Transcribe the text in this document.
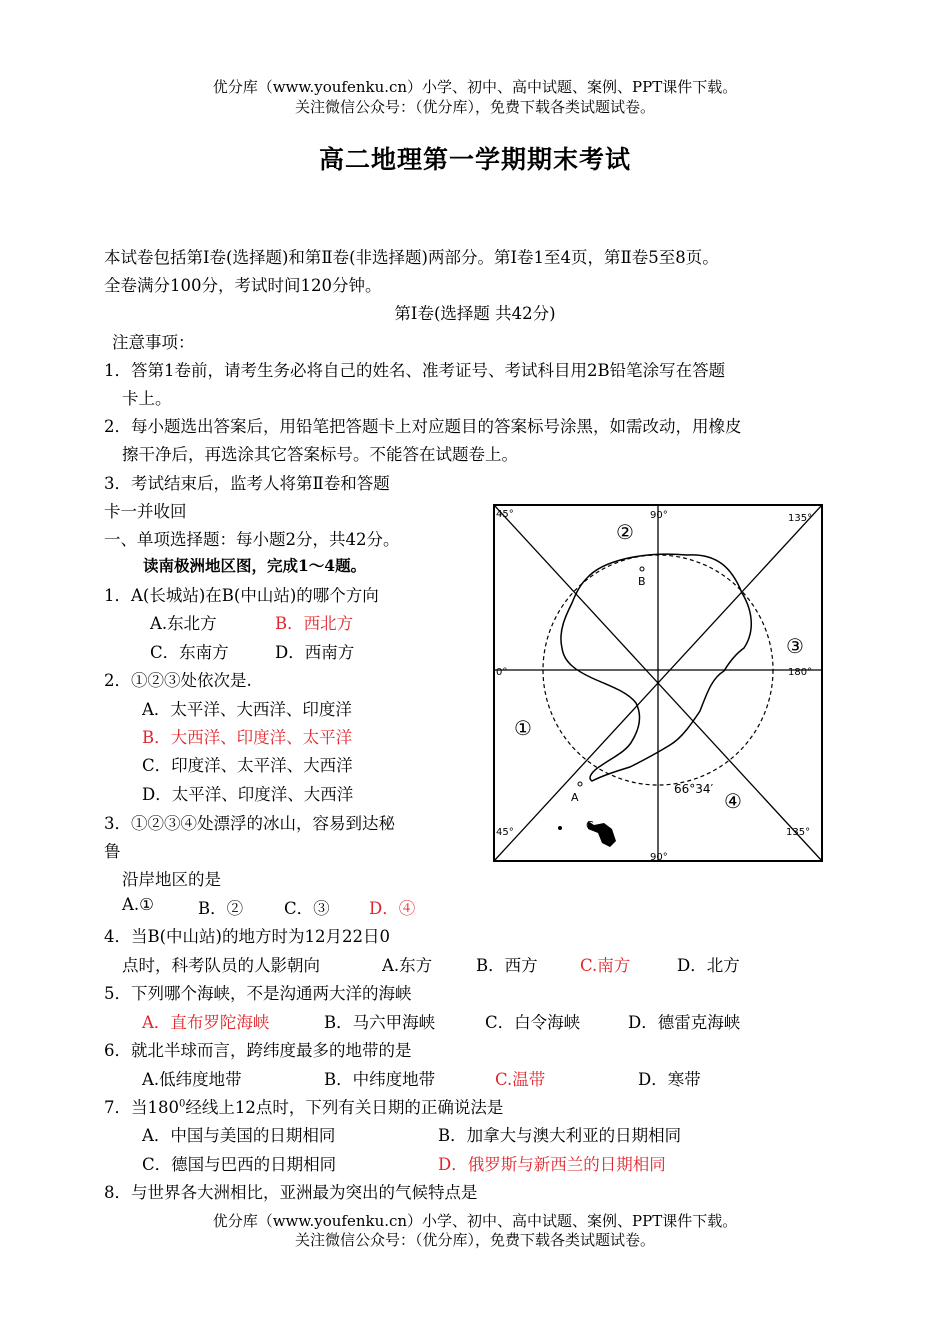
优分库（www.youfenku.cn）小学、初中、高中试题、案例、PPT课件下载。
关注微信公众号：（优分库），免费下载各类试题试卷。
高二地理第一学期期末考试
本试卷包括第I卷(选择题)和第Ⅱ卷(非选择题)两部分。第Ⅰ卷1至4页，第Ⅱ卷5至8页。
全卷满分100分，考试时间120分钟。
第Ⅰ卷(选择题 共42分)
注意事项：
1．答第1卷前，请考生务必将自己的姓名、准考证号、考试科目用2B铅笔涂写在答题
卡上。
2．每小题选出答案后，用铅笔把答题卡上对应题目的答案标号涂黑，如需改动，用橡皮
擦干净后，再选涂其它答案标号。不能答在试题卷上。
3．考试结束后，监考人将第Ⅱ卷和答题
卡一并收回
一、单项选择题：每小题2分，共42分。
读南极洲地区图，完成1～4题。
1．A(长城站)在B(中山站)的哪个方向
A.东北方	B．西北方
C．东南方	D．西南方
2．①②③处依次是.
A．太平洋、大西洋、印度洋
B．大西洋、印度洋、太平洋
C．印度洋、太平洋、大西洋
D．太平洋、印度洋、大西洋
3．①②③④处漂浮的冰山，容易到达秘
鲁
沿岸地区的是
A.①	B．② C．③ D．④
4．当B(中山站)的地方时为12月22日0
点时，科考队员的人影朝向	A.东方	B．西方	C.南方	D．北方
5．下列哪个海峡，不是沟通两大洋的海峡
A．直布罗陀海峡	B．马六甲海峡	C．白令海峡	D．德雷克海峡
6．就北半球而言，跨纬度最多的地带的是
A.低纬度地带	B．中纬度地带	C.温带	D．寒带
7．当$180^0$经线上12点时，下列有关日期的正确说法是
A．中国与美国的日期相同	B．加拿大与澳大利亚的日期相同
C．德国与巴西的日期相同	D．俄罗斯与新西兰的日期相同
8．与世界各大洲相比，亚洲最为突出的气候特点是
优分库（www.youfenku.cn）小学、初中、高中试题、案例、PPT课件下载。
关注微信公众号：（优分库），免费下载各类试题试卷。
45°	135°
45°	135°
90°
90°
0°	180°
①
②
③
④
A
B
C
66°34′
